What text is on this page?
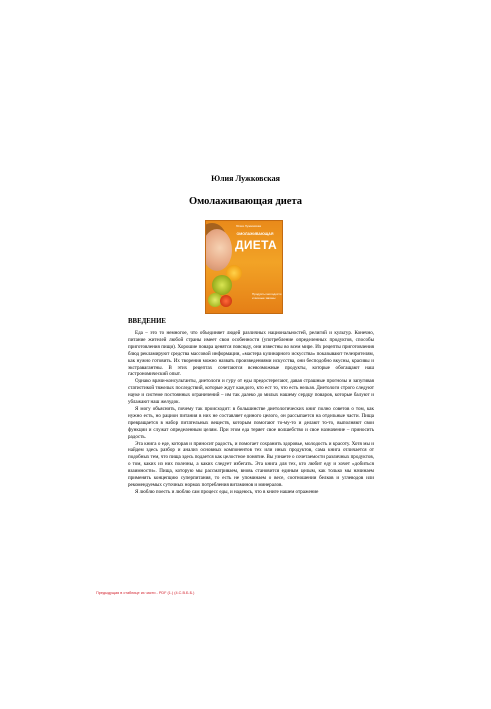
Юлия Лужковская
Омолаживающая диета
Юлия Лужковская
ОМОЛАЖИВАЮЩАЯ
ДИЕТА
Продукты молодости и вечные законы
ВВЕДЕНИЕ

Еда – это то немногое, что объединяет людей различных национальностей, религий и культур. Конечно, питание жителей любой страны имеет свои особенности (употребление определенных продуктов, способы приготовления пищи). Хорошие повара ценятся повсюду, они известны во всем мире. Их рецепты приготовления блюд рекламируют средства массовой информации, «мастера кулинарного искусства» показывают телезрителям, как нужно готовить. Их творения можно назвать произведениями искусства, они бесподобно вкусны, красивы и экстравагантны. В этих рецептах сочетаются всевозможные продукты, которые обогащают наш гастрономический опыт.

Однако врачи-консультанты, диетологи и гуру от еды предостерегают, давая страшные прогнозы и запугивая статистикой тяжелых последствий, которые ждут каждого, кто ест то, что есть нельзя. Диетологи строго следуют науке и системе постоянных ограничений – им так далеко до милых нашему сердцу поваров, которые балуют и ублажают наш желудок.

Я могу объяснить, почему так происходит: в большинстве диетологических книг полно советов о том, как нужно есть, но рацион питания в них не составляет единого целого, он рассыпается на отдельные части. Пища превращается в набор питательных веществ, которым помогают то-му-то и делают то-то, выполняют свои функции и служат определенным целям. При этом еда теряет свое волшебство и свое назначение – приносить радость.

Эта книга о еде, которая и приносит радость, и помогает сохранить здоровье, молодость и красоту. Хотя мы и найдем здесь разбор и анализ основных компонентов тех или иных продуктов, сама книга отличается от подобных тем, что пища здесь подается как целостное понятие. Вы узнаете о сочетаемости различных продуктов, о том, каких из них полезны, а каких следует избегать. Эта книга для тех, кто любит еду и хочет «добиться взаимности». Пища, которую мы рассматриваем, вновь становится единым целым, как только мы начинаем применять концепцию суперпитания, то есть не упоминаем о весе, соотношении белков и углеводов или рекомендуемых суточных нормах потребления витаминов и минералов.

Я люблю поесть и люблю сам процесс еды, и надеюсь, что в книге нашем отражение

Предыдущая в стаблице из части - PDF (1.) (4.С.В.Б.Б.)
